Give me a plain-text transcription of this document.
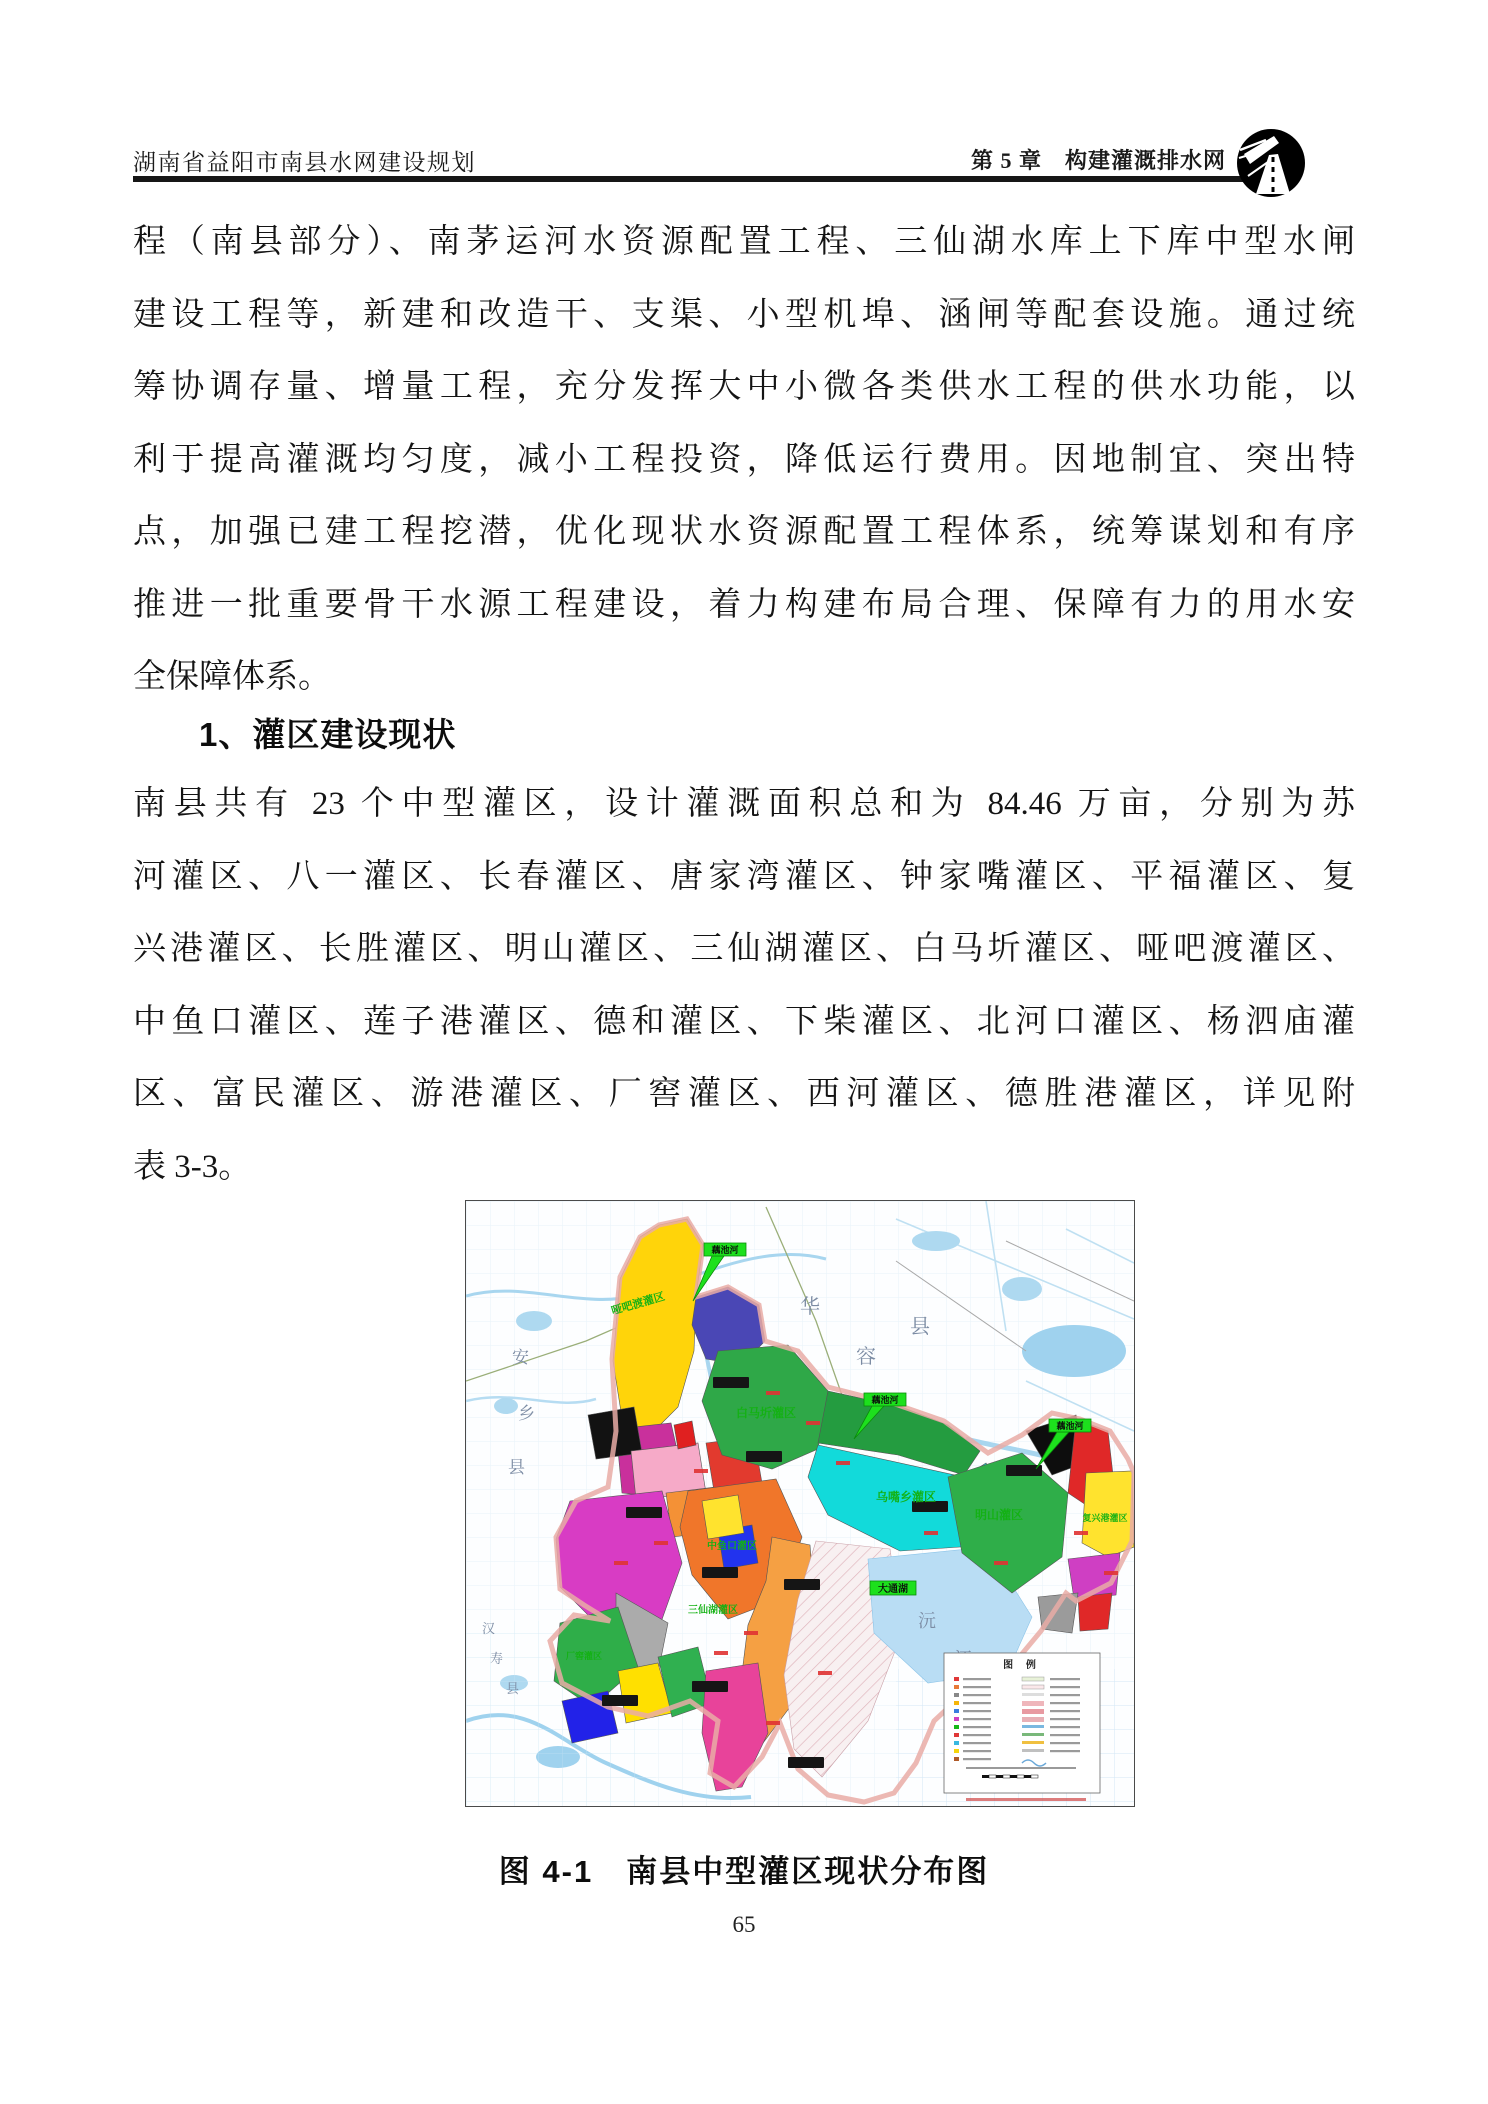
湖南省益阳市南县水网建设规划	第 5 章　构建灌溉排水网

程（南县部分）、南茅运河水资源配置工程、三仙湖水库上下库中型水闸

建设工程等，新建和改造干、支渠、小型机埠、涵闸等配套设施。通过统

筹协调存量、增量工程，充分发挥大中小微各类供水工程的供水功能，以

利于提高灌溉均匀度，减小工程投资，降低运行费用。因地制宜、突出特

点，加强已建工程挖潜，优化现状水资源配置工程体系，统筹谋划和有序

推进一批重要骨干水源工程建设，着力构建布局合理、保障有力的用水安

全保障体系。

1、灌区建设现状

南县共有 23 个中型灌区，设计灌溉面积总和为 84.46 万亩，分别为苏

河灌区、八一灌区、长春灌区、唐家湾灌区、钟家嘴灌区、平福灌区、复

兴港灌区、长胜灌区、明山灌区、三仙湖灌区、白马圻灌区、哑吧渡灌区、

中鱼口灌区、莲子港灌区、德和灌区、下柴灌区、北河口灌区、杨泗庙灌

区、富民灌区、游港灌区、厂窖灌区、西河灌区、德胜港灌区，详见附

表 3-3。

藕池河
藕池河
藕池河
大通湖
哑吧渡灌区
白马圻灌区
乌嘴乡灌区
明山灌区	复兴港灌区
中鱼口灌区
三仙湖灌区
厂窖灌区
华
容
县
安
乡
县
汉
寿
县
沅
图 例
图 4-1　南县中型灌区现状分布图
65
